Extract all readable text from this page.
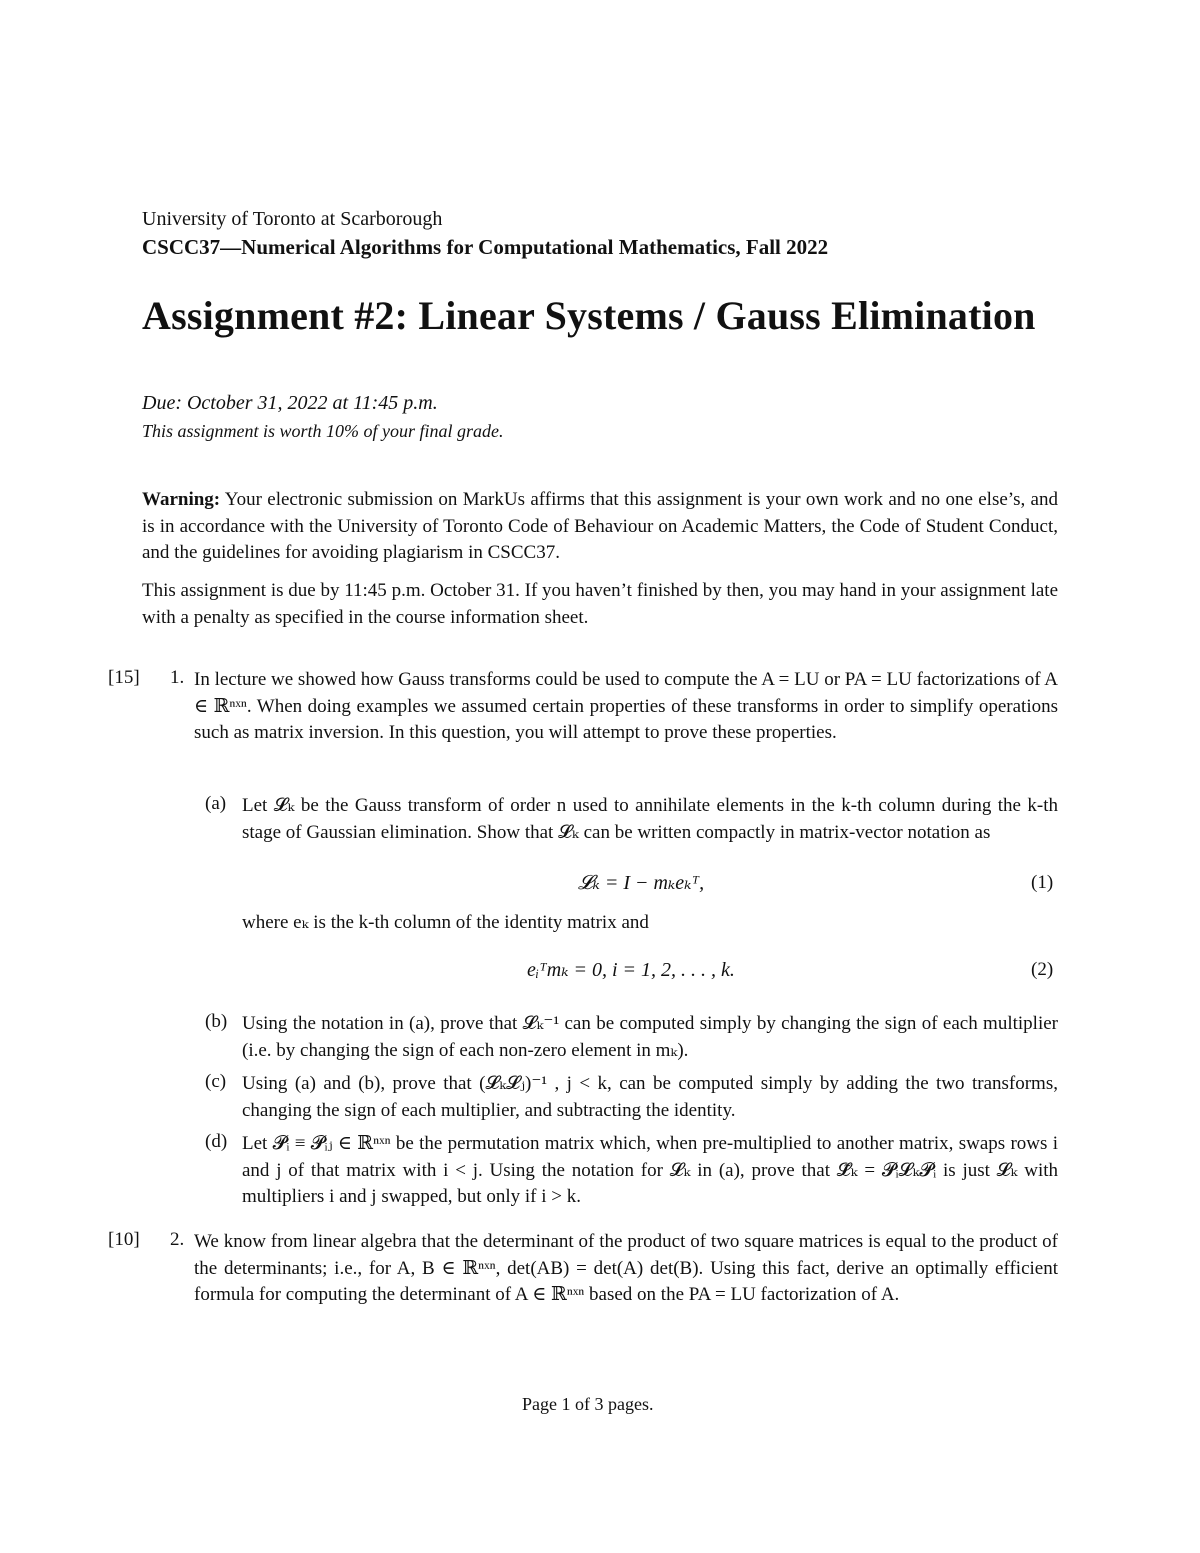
University of Toronto at Scarborough
CSCC37—Numerical Algorithms for Computational Mathematics, Fall 2022
Assignment #2: Linear Systems / Gauss Elimination
Due: October 31, 2022 at 11:45 p.m.
This assignment is worth 10% of your final grade.
Warning: Your electronic submission on MarkUs affirms that this assignment is your own work and no one else’s, and is in accordance with the University of Toronto Code of Behaviour on Academic Matters, the Code of Student Conduct, and the guidelines for avoiding plagiarism in CSCC37.
This assignment is due by 11:45 p.m. October 31. If you haven’t finished by then, you may hand in your assignment late with a penalty as specified in the course information sheet.
[15] 1. In lecture we showed how Gauss transforms could be used to compute the A = LU or PA = LU factorizations of A ∈ ℝⁿˣⁿ. When doing examples we assumed certain properties of these transforms in order to simplify operations such as matrix inversion. In this question, you will attempt to prove these properties.
(a) Let 𝓛ₖ be the Gauss transform of order n used to annihilate elements in the k-th column during the k-th stage of Gaussian elimination. Show that 𝓛ₖ can be written compactly in matrix-vector notation as
𝓛ₖ = I − mₖeₖᵀ,	(1)
where eₖ is the k-th column of the identity matrix and
eᵢᵀmₖ = 0, i = 1, 2, . . . , k.	(2)
(b) Using the notation in (a), prove that 𝓛ₖ⁻¹ can be computed simply by changing the sign of each multiplier (i.e. by changing the sign of each non-zero element in mₖ).
(c) Using (a) and (b), prove that (𝓛ₖ𝓛ⱼ)⁻¹ , j < k, can be computed simply by adding the two transforms, changing the sign of each multiplier, and subtracting the identity.
(d) Let 𝓟ᵢ ≡ 𝓟ᵢⱼ ∈ ℝⁿˣⁿ be the permutation matrix which, when pre-multiplied to another matrix, swaps rows i and j of that matrix with i < j. Using the notation for 𝓛ₖ in (a), prove that 𝓛̃ₖ = 𝓟ᵢ𝓛ₖ𝓟ᵢ is just 𝓛ₖ with multipliers i and j swapped, but only if i > k.
[10] 2. We know from linear algebra that the determinant of the product of two square matrices is equal to the product of the determinants; i.e., for A, B ∈ ℝⁿˣⁿ, det(AB) = det(A) det(B). Using this fact, derive an optimally efficient formula for computing the determinant of A ∈ ℝⁿˣⁿ based on the PA = LU factorization of A.
Page 1 of 3 pages.
